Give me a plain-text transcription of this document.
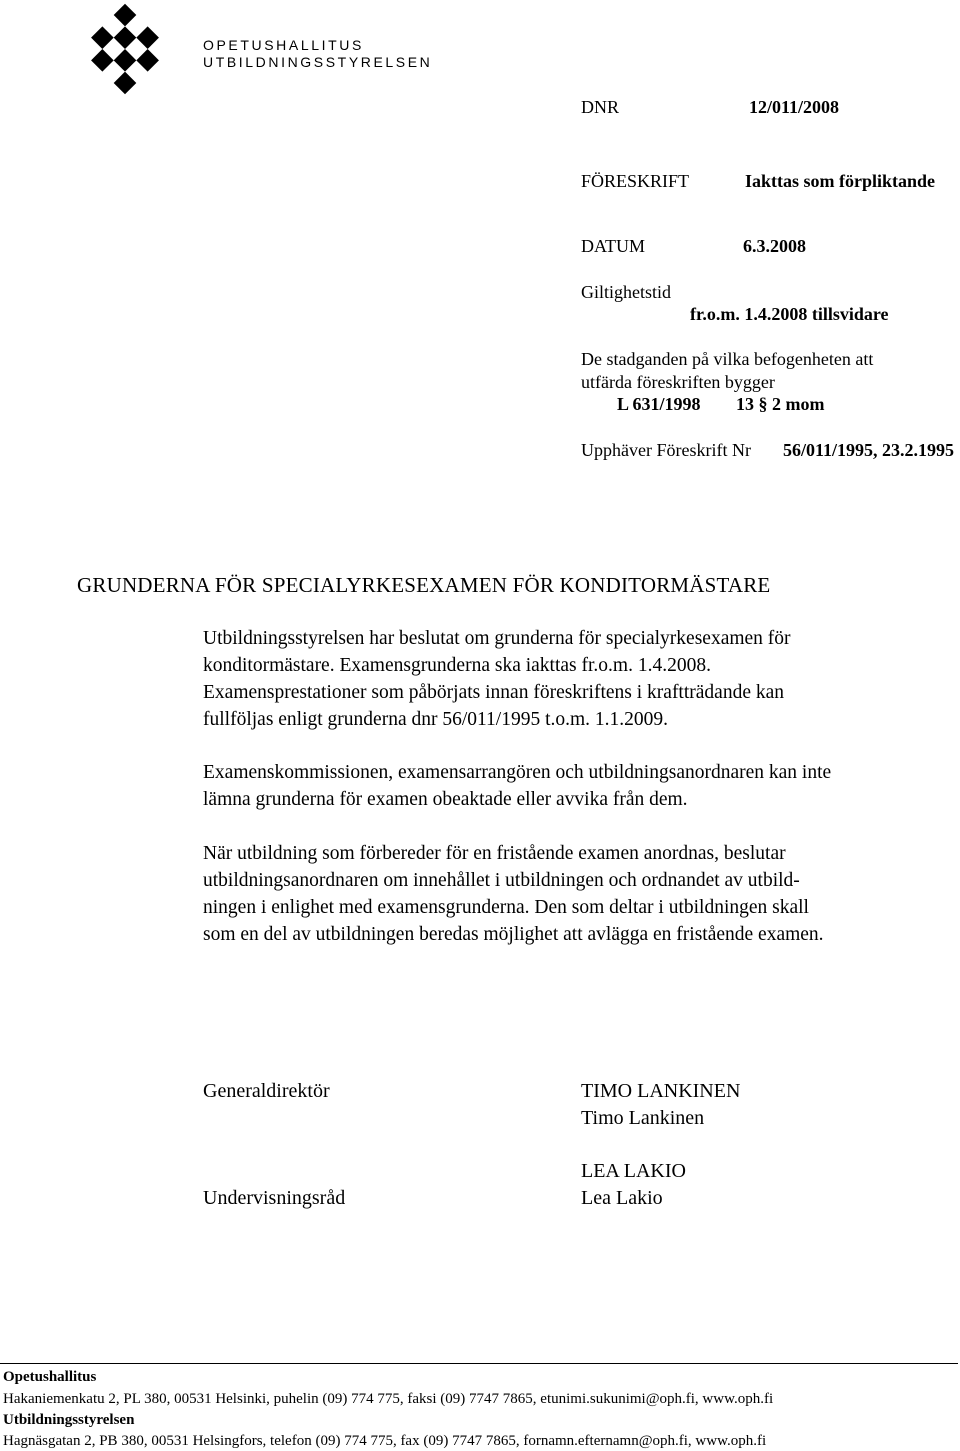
OPETUSHALLITUS
UTBILDNINGSSTYRELSEN
DNR	12/011/2008
FÖRESKRIFT	Iakttas som förpliktande
DATUM	6.3.2008
Giltighetstid
fr.o.m. 1.4.2008 tillsvidare
De stadganden på vilka befogenheten att
utfärda föreskriften bygger
L 631/1998 13 § 2 mom
Upphäver Föreskrift Nr 56/011/1995, 23.2.1995
GRUNDERNA FÖR SPECIALYRKESEXAMEN FÖR KONDITORMÄSTARE
Utbildningsstyrelsen har beslutat om grunderna för specialyrkesexamen för
konditormästare. Examensgrunderna ska iakttas fr.o.m. 1.4.2008.
Examensprestationer som påbörjats innan föreskriftens i kraftträdande kan
fullföljas enligt grunderna dnr 56/011/1995 t.o.m. 1.1.2009.
Examenskommissionen, examensarrangören och utbildningsanordnaren kan inte
lämna grunderna för examen obeaktade eller avvika från dem.
När utbildning som förbereder för en fristående examen anordnas, beslutar
utbildningsanordnaren om innehållet i utbildningen och ordnandet av utbild-
ningen i enlighet med examensgrunderna. Den som deltar i utbildningen skall
som en del av utbildningen beredas möjlighet att avlägga en fristående examen.
Generaldirektör	TIMO LANKINEN
Timo Lankinen
LEA LAKIO
Undervisningsråd	Lea Lakio
Opetushallitus
Hakaniemenkatu 2, PL 380, 00531 Helsinki, puhelin (09) 774 775, faksi (09) 7747 7865, etunimi.sukunimi@oph.fi, www.oph.fi
Utbildningsstyrelsen
Hagnäsgatan 2, PB 380, 00531 Helsingfors, telefon (09) 774 775, fax (09) 7747 7865, fornamn.efternamn@oph.fi, www.oph.fi
